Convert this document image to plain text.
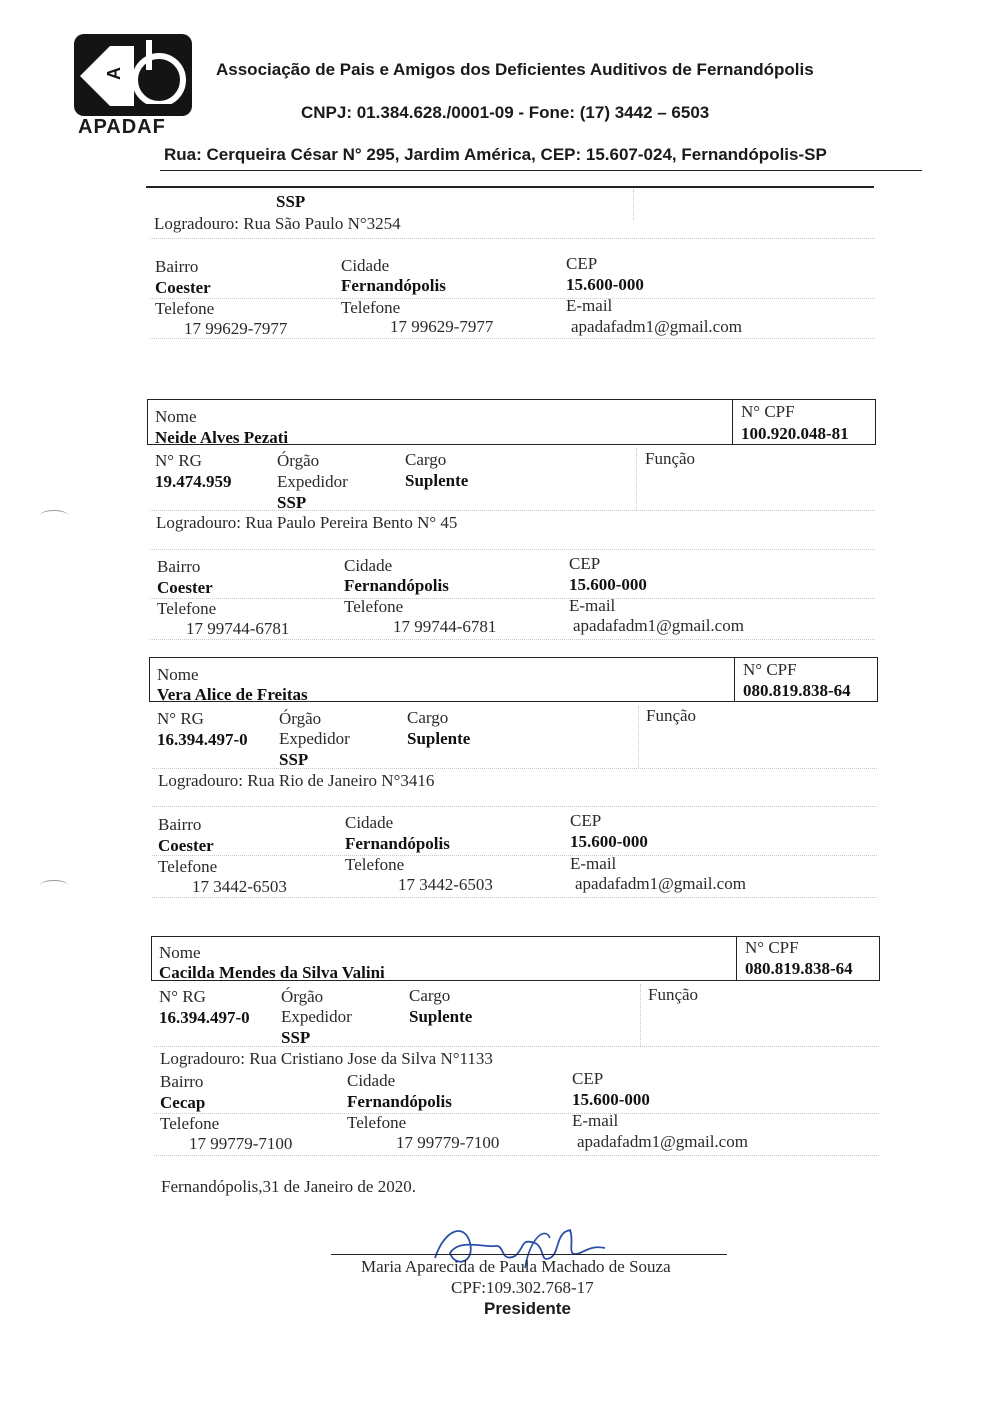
A
APADAF
Associação de Pais e Amigos dos Deficientes Auditivos de Fernandópolis
CNPJ: 01.384.628./0001-09 - Fone: (17) 3442 – 6503
Rua: Cerqueira César N° 295, Jardim América, CEP: 15.607-024, Fernandópolis-SP
SSP
Logradouro: Rua São Paulo N°3254
Bairro
Coester
Cidade
Fernandópolis
CEP
15.600-000
Telefone
17 99629-7977
Telefone
17 99629-7977
E-mail
apadafadm1@gmail.com
Nome
Neide Alves Pezati
N° CPF
100.920.048-81
N° RG
19.474.959
Órgão
Expedidor
SSP
Cargo
Suplente
Função
Logradouro: Rua Paulo Pereira Bento N° 45
Bairro
Coester
Cidade
Fernandópolis
CEP
15.600-000
Telefone
17 99744-6781
Telefone
17 99744-6781
E-mail
apadafadm1@gmail.com
Nome
Vera Alice de Freitas
N° CPF
080.819.838-64
N° RG
16.394.497-0
Órgão
Expedidor
SSP
Cargo
Suplente
Função
Logradouro: Rua Rio de Janeiro N°3416
Bairro
Coester
Cidade
Fernandópolis
CEP
15.600-000
Telefone
17 3442-6503
Telefone
17 3442-6503
E-mail
apadafadm1@gmail.com
Nome
Cacilda Mendes da Silva Valini
N° CPF
080.819.838-64
N° RG
16.394.497-0
Órgão
Expedidor
SSP
Cargo
Suplente
Função
Logradouro: Rua Cristiano Jose da Silva N°1133
Bairro
Cecap
Cidade
Fernandópolis
CEP
15.600-000
Telefone
17 99779-7100
Telefone
17 99779-7100
E-mail
apadafadm1@gmail.com
Fernandópolis,31 de Janeiro de 2020.
Maria Aparecida de Paula Machado de Souza
CPF:109.302.768-17
Presidente
